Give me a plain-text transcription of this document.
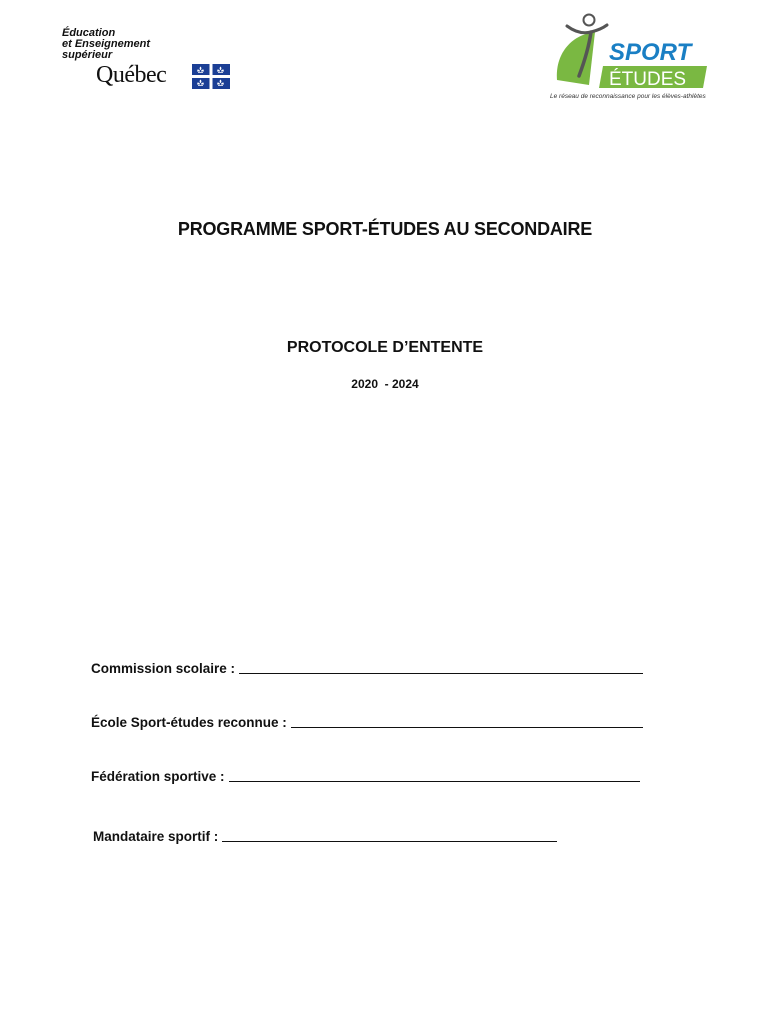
Éducation
et Enseignement
supérieur
Québec
SPORT
ÉTUDES
Le réseau de reconnaissance pour les élèves-athlètes
PROGRAMME SPORT-ÉTUDES AU SECONDAIRE
PROTOCOLE D’ENTENTE
2020  - 2024
Commission scolaire :
École Sport-études reconnue :
Fédération sportive :
Mandataire sportif :
